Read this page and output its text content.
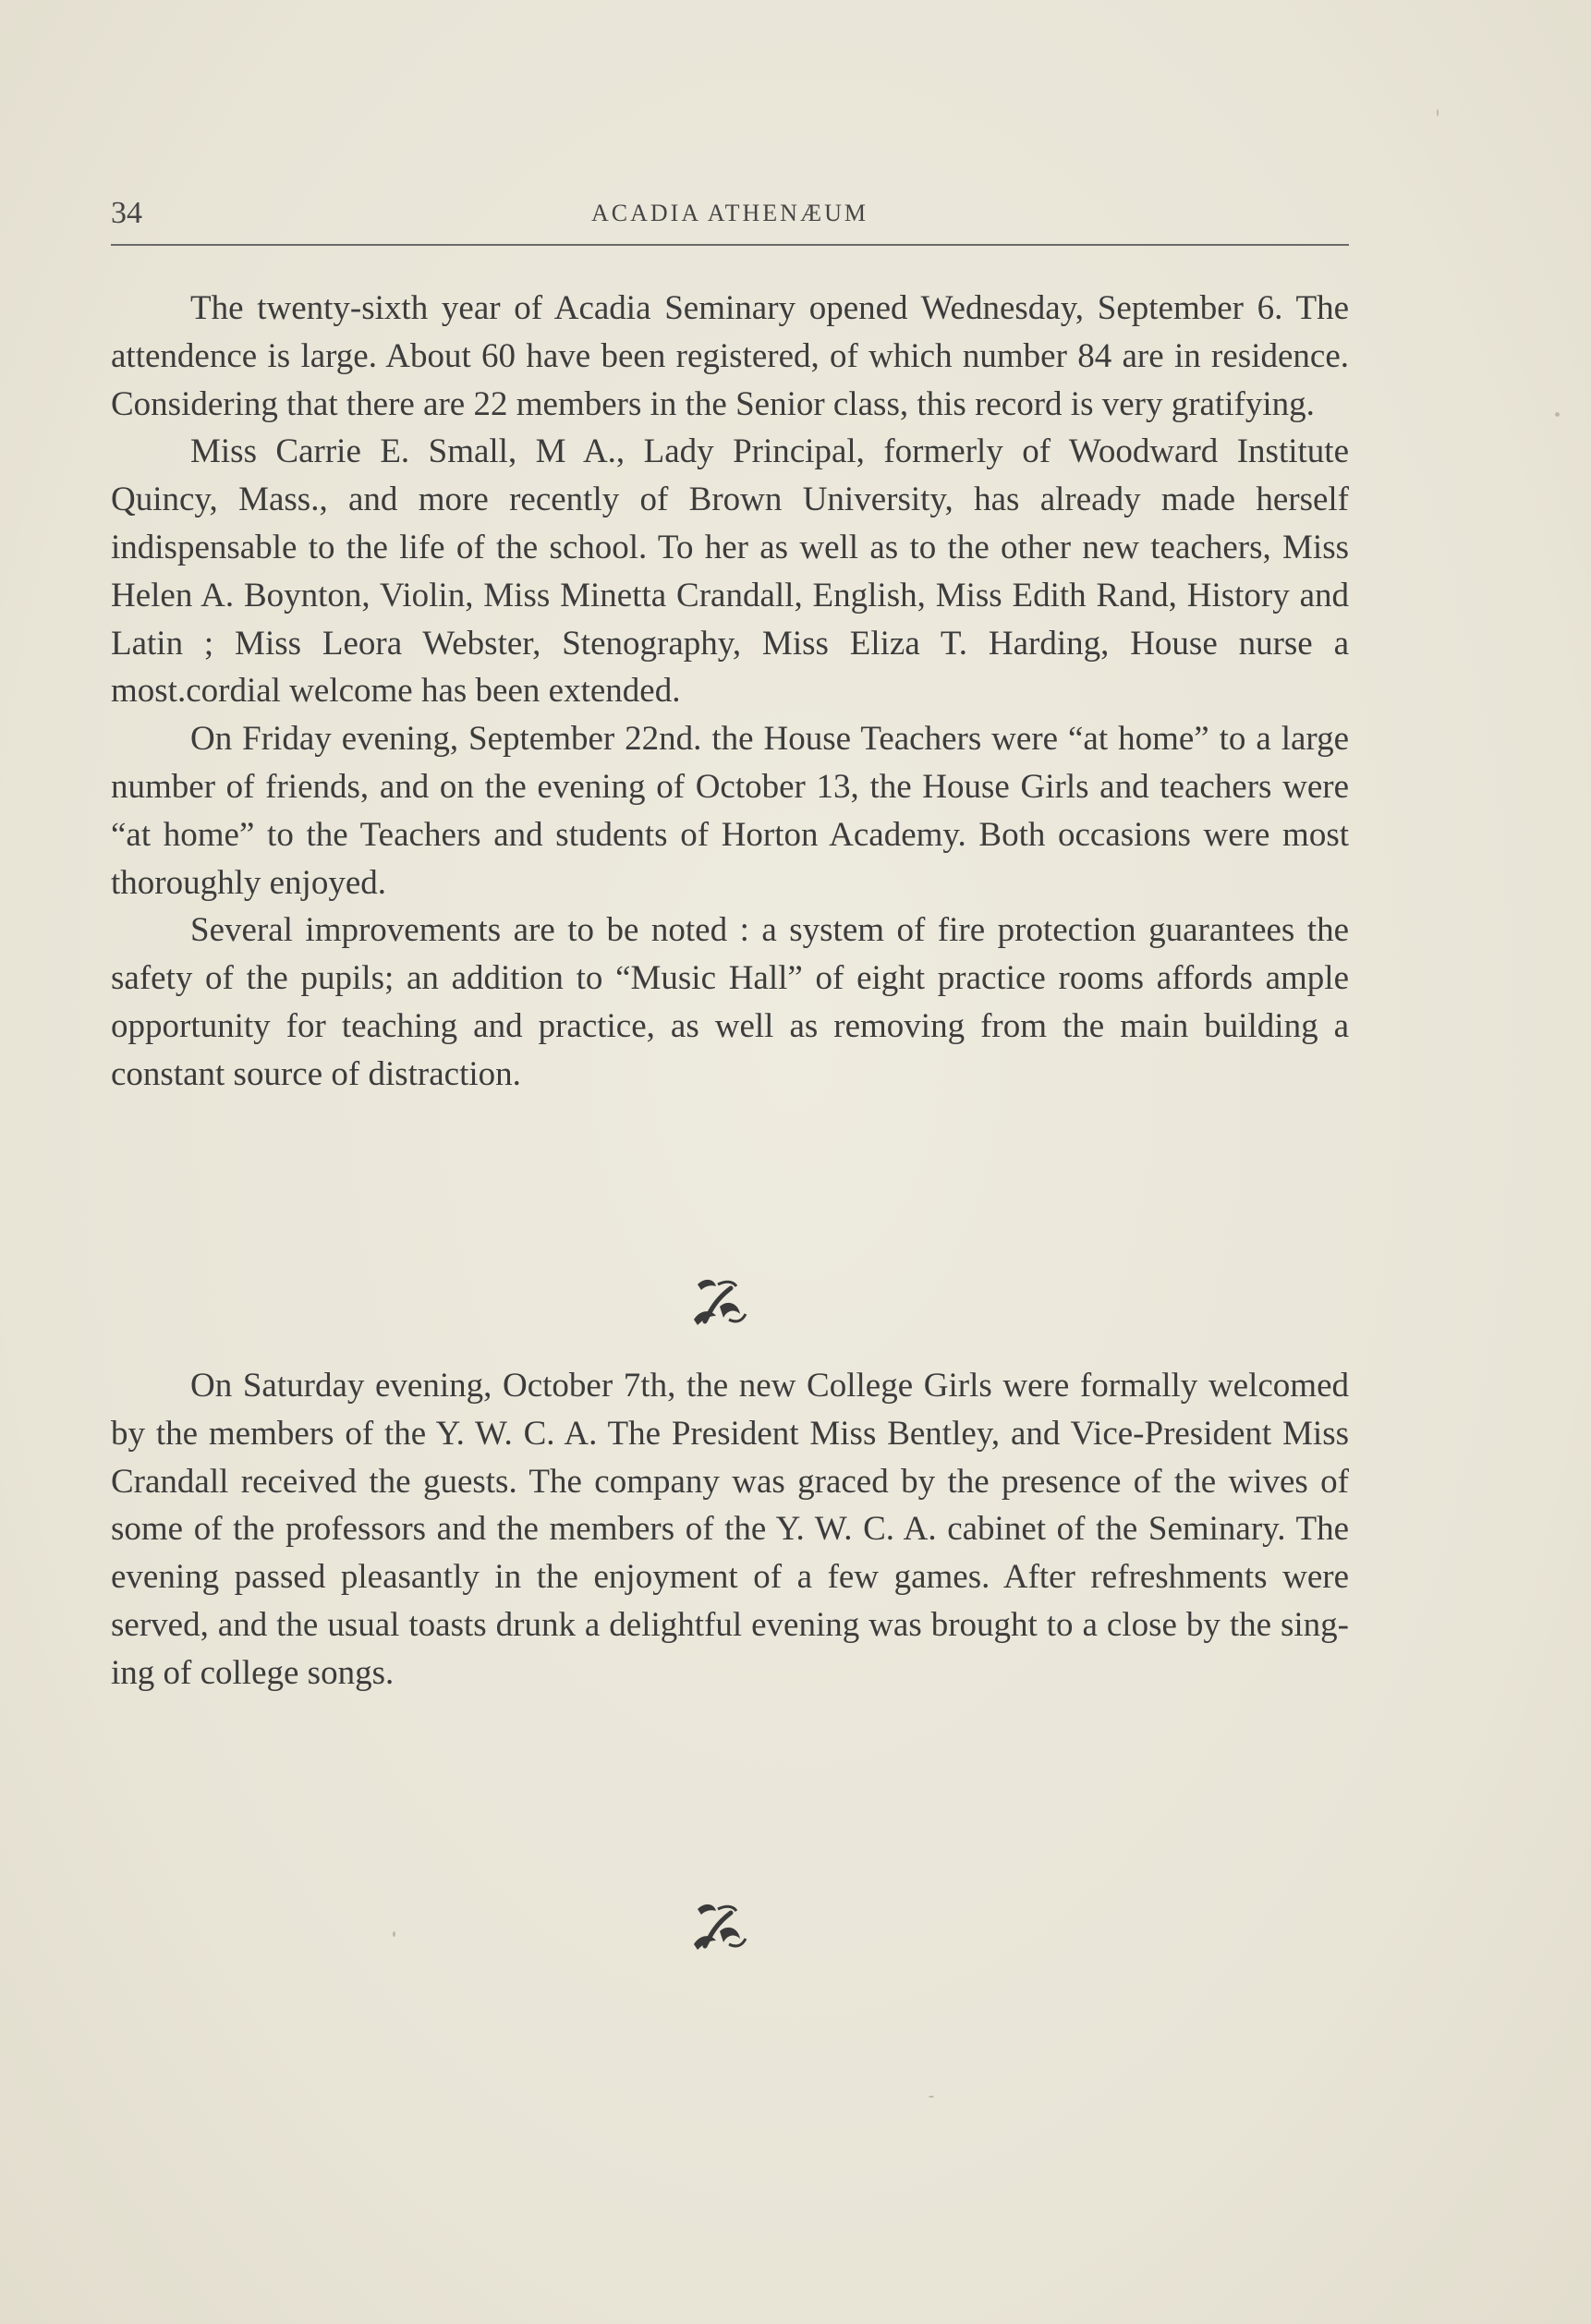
34	ACADIA ATHENÆUM

The twenty-sixth year of Acadia Seminary opened Wednesday, September 6. The attendence is large. About 60 have been registered, of which number 84 are in residence. Considering that there are 22 members in the Senior class, this record is very gratifying.

Miss Carrie E. Small, M A., Lady Principal, formerly of Woodward Institute Quincy, Mass., and more recently of Brown University, has already made herself indispensable to the life of the school. To her as well as to the other new teachers, Miss Helen A. Boynton, Violin, Miss Minetta Crandall, English, Miss Edith Rand, History and Latin ; Miss Leora Webster, Stenography, Miss Eliza T. Harding, House nurse a most.cordial welcome has been extended.

On Friday evening, September 22nd. the House Teachers were “at home” to a large number of friends, and on the evening of October 13, the House Girls and teachers were “at home” to the Teachers and students of Horton Academy. Both occasions were most thoroughly enjoyed.

Several improvements are to be noted : a system of fire protection guarantees the safety of the pupils; an addition to “Music Hall” of eight practice rooms affords ample opportunity for teaching and practice, as well as removing from the main building a constant source of distraction.

On Saturday evening, October 7th, the new College Girls were formally welcomed by the members of the Y. W. C. A. The President Miss Bentley, and Vice-President Miss Crandall received the guests. The company was graced by the presence of the wives of some of the professors and the members of the Y. W. C. A. cabinet of the Seminary. The evening passed pleasantly in the enjoyment of a few games. After refreshments were served, and the usual toasts drunk a delightful evening was brought to a close by the singing of college songs.
